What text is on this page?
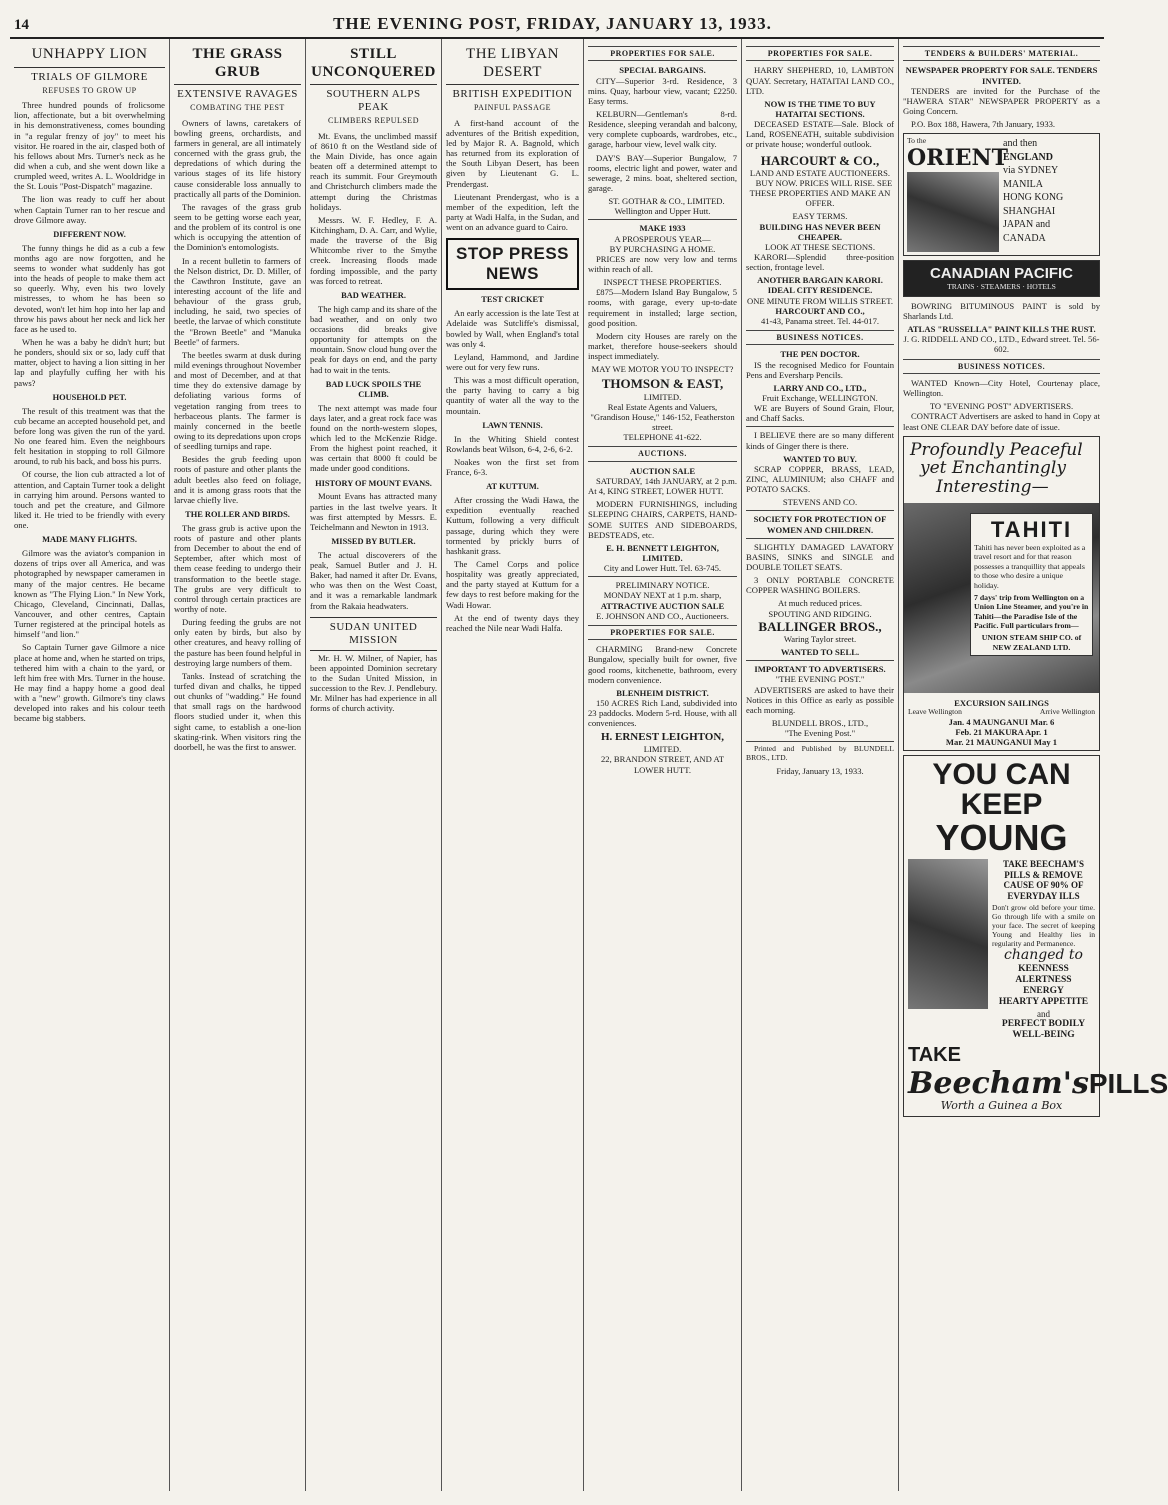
14	THE EVENING POST, FRIDAY, JANUARY 13, 1933.
UNHAPPY LION
TRIALS OF GILMORE
REFUSES TO GROW UP

Three hundred pounds of frolicsome lion, affectionate, but a bit overwhelming in his demonstrativeness, comes bounding in "a regular frenzy of joy" to meet his visitor. He roared in the air, clasped both of his fellows about Mrs. Turner's neck as he did when a cub, and she went down like a crumpled weed, writes A. L. Wooldridge in the St. Louis "Post-Dispatch" magazine.

The lion was ready to cuff her about when Captain Turner ran to her rescue and drove Gilmore away.

DIFFERENT NOW.

The funny things he did as a cub a few months ago are now forgotten, and he seems to wonder what suddenly has got into the heads of people to make them act so queerly. Why, even his two lovely mistresses, to whom he has been so devoted, won't let him hop into her lap and throw his paws about her neck and lick her face as he used to.

When he was a baby he didn't hurt; but he ponders, should six or so, lady cuff that matter, object to having a lion sitting in her lap and playfully cuffing her with his paws?

HOUSEHOLD PET.

The result of this treatment was that the cub became an accepted household pet, and before long was given the run of the yard. No one feared him. Even the neighbours felt hesitation in stopping to roll Gilmore around, to rub his back, and boss his purrs.

Of course, the lion cub attracted a lot of attention, and Captain Turner took a delight in carrying him around. Persons wanted to touch and pet the creature, and Gilmore liked it. He tried to be friendly with every one.

MADE MANY FLIGHTS.

Gilmore was the aviator's companion in dozens of trips over all America, and was photographed by newspaper cameramen in many of the major centres. He became known as "The Flying Lion." In New York, Chicago, Cleveland, Cincinnati, Dallas, Vancouver, and other centres, Captain Turner registered at the principal hotels as himself "and lion."

So Captain Turner gave Gilmore a nice place at home and, when he started on trips, tethered him with a chain to the yard, or left him free with Mrs. Turner in the house. He may find a happy home a good deal with a "new" growth. Gilmore's tiny claws developed into rakes and his colour teeth became big stabbers.

THE GRASS GRUB
EXTENSIVE RAVAGES
COMBATING THE PEST

Owners of lawns, caretakers of bowling greens, orchardists, and farmers in general, are all intimately concerned with the grass grub, the depredations of which during the various stages of its life history cause considerable loss annually to practically all parts of the Dominion.

The ravages of the grass grub seem to be getting worse each year, and the problem of its control is one which is occupying the attention of the Dominion's entomologists.

In a recent bulletin to farmers of the Nelson district, Dr. D. Miller, of the Cawthron Institute, gave an interesting account of the life and behaviour of the grass grub, including, he said, two species of beetle, the larvae of which constitute the "Brown Beetle" and "Manuka Beetle" of farmers.

The beetles swarm at dusk during mild evenings throughout November and most of December, and at that time they do extensive damage by defoliating various forms of vegetation ranging from trees to herbaceous plants. The farmer is mainly concerned in the beetle owing to its depredations upon crops of seedling turnips and rape.

Besides the grub feeding upon roots of pasture and other plants the adult beetles also feed on foliage, and it is among grass roots that the larvae chiefly live.

THE ROLLER AND BIRDS.

The grass grub is active upon the roots of pasture and other plants from December to about the end of September, after which most of them cease feeding to undergo their transformation to the beetle stage. The grubs are very difficult to control through certain practices are worthy of note.

During feeding the grubs are not only eaten by birds, but also by other creatures, and heavy rolling of the pasture has been found helpful in destroying large numbers of them.

Tanks. Instead of scratching the turfed divan and chalks, he tipped out chunks of "wadding." He found that small rags on the hardwood floors studied under it, when this sight came, to establish a one-lion skating-rink. When visitors ring the doorbell, he was the first to answer.

STILL UNCONQUERED
SOUTHERN ALPS PEAK
CLIMBERS REPULSED

Mt. Evans, the unclimbed massif of 8610 ft on the Westland side of the Main Divide, has once again beaten off a determined attempt to reach its summit. Four Greymouth and Christchurch climbers made the attempt during the Christmas holidays.

Messrs. W. F. Hedley, F. A. Kitchingham, D. A. Carr, and Wylie, made the traverse of the Big Whitcombe river to the Smythe creek. Increasing floods made fording impossible, and the party was forced to retreat.

BAD WEATHER.

The high camp and its share of the bad weather, and on only two occasions did breaks give opportunity for attempts on the mountain. Snow cloud hung over the peak for days on end, and the party had to wait in the tents.

BAD LUCK SPOILS THE CLIMB.

The next attempt was made four days later, and a great rock face was found on the north-western slopes, which led to the McKenzie Ridge. From the highest point reached, it was certain that 8000 ft could be made under good conditions.

HISTORY OF MOUNT EVANS.

Mount Evans has attracted many parties in the last twelve years. It was first attempted by Messrs. E. Teichelmann and Newton in 1913.

MISSED BY BUTLER.

The actual discoverers of the peak, Samuel Butler and J. H. Baker, had named it after Dr. Evans, who was then on the West Coast, and it was a remarkable landmark from the Rakaia headwaters.

SUDAN UNITED MISSION

Mr. H. W. Milner, of Napier, has been appointed Dominion secretary to the Sudan United Mission, in succession to the Rev. J. Pendlebury. Mr. Milner has had experience in all forms of church activity.

THE LIBYAN DESERT
BRITISH EXPEDITION
PAINFUL PASSAGE

A first-hand account of the adventures of the British expedition, led by Major R. A. Bagnold, which has returned from its exploration of the South Libyan Desert, has been given by Lieutenant G. L. Prendergast.

Lieutenant Prendergast, who is a member of the expedition, left the party at Wadi Halfa, in the Sudan, and went on an advance guard to Cairo.

STOP PRESS NEWS
TEST CRICKET

An early accession is the late Test at Adelaide was Sutcliffe's dismissal, bowled by Wall, when England's total was only 4.

Leyland, Hammond, and Jardine were out for very few runs.

This was a most difficult operation, the party having to carry a big quantity of water all the way to the mountain.

LAWN TENNIS.

In the Whiting Shield contest Rowlands beat Wilson, 6-4, 2-6, 6-2.

Noakes won the first set from France, 6-3.

AT KUTTUM.

After crossing the Wadi Hawa, the expedition eventually reached Kuttum, following a very difficult passage, during which they were tormented by prickly burrs of hashkanit grass.

The Camel Corps and police hospitality was greatly appreciated, and the party stayed at Kuttum for a few days to rest before making for the Wadi Howar.

At the end of twenty days they reached the Nile near Wadi Halfa.

PROPERTIES FOR SALE.
SPECIAL BARGAINS.

CITY—Superior 3-rd. Residence, 3 mins. Quay, harbour view, vacant; £2250. Easy terms.

KELBURN—Gentleman's 8-rd. Residence, sleeping verandah and balcony, very complete cupboards, wardrobes, etc., garage, harbour view, level walk city.

DAY'S BAY—Superior Bungalow, 7 rooms, electric light and power, water and sewerage, 2 mins. boat, sheltered section, garage.

ST. GOTHAR & CO., LIMITED. Wellington and Upper Hutt.

MAKE 1933
A PROSPEROUS YEAR—
BY PURCHASING A HOME.

PRICES are now very low and terms within reach of all.

INSPECT THESE PROPERTIES.

£875—Modern Island Bay Bungalow, 5 rooms, with garage, every up-to-date requirement in installed; large section, good position.

Modern city Houses are rarely on the market, therefore house-seekers should inspect immediately.

MAY WE MOTOR YOU TO INSPECT?
THOMSON & EAST,
LIMITED.
Real Estate Agents and Valuers, "Grandison House," 146-152, Featherston street.
TELEPHONE 41-622.
AUCTIONS.
AUCTION SALE

SATURDAY, 14th JANUARY, at 2 p.m. At 4, KING STREET, LOWER HUTT.

MODERN FURNISHINGS, including SLEEPING CHAIRS, CARPETS, HAND-SOME SUITES AND SIDEBOARDS, BEDSTEADS, etc.

E. H. BENNETT LEIGHTON, LIMITED.
City and Lower Hutt. Tel. 63-745.
PRELIMINARY NOTICE.
MONDAY NEXT at 1 p.m. sharp,
ATTRACTIVE AUCTION SALE
E. JOHNSON AND CO., Auctioneers.
PROPERTIES FOR SALE.

CHARMING Brand-new Concrete Bungalow, specially built for owner, five good rooms, kitchenette, bathroom, every modern convenience.

BLENHEIM DISTRICT.

150 ACRES Rich Land, subdivided into 23 paddocks. Modern 5-rd. House, with all conveniences.

H. ERNEST LEIGHTON,
LIMITED.
22, BRANDON STREET, AND AT LOWER HUTT.
PROPERTIES FOR SALE.

HARRY SHEPHERD, 10, LAMBTON QUAY. Secretary, HATAITAI LAND CO., LTD.

NOW IS THE TIME TO BUY HATAITAI SECTIONS.

DECEASED ESTATE—Sale. Block of Land, ROSENEATH, suitable subdivision or private house; wonderful outlook.

HARCOURT & CO.,
LAND AND ESTATE AUCTIONEERS.

BUY NOW. PRICES WILL RISE. SEE THESE PROPERTIES AND MAKE AN OFFER.

EASY TERMS.
BUILDING HAS NEVER BEEN CHEAPER.
LOOK AT THESE SECTIONS.

KARORI—Splendid three-position section, frontage level.

ANOTHER BARGAIN KARORI.
IDEAL CITY RESIDENCE.
ONE MINUTE FROM WILLIS STREET.
HARCOURT AND CO.,
41-43, Panama street. Tel. 44-017.
BUSINESS NOTICES.
THE PEN DOCTOR.

IS the recognised Medico for Fountain Pens and Eversharp Pencils.

LARRY AND CO., LTD.,
Fruit Exchange, WELLINGTON.

WE are Buyers of Sound Grain, Flour, and Chaff Sacks.

I BELIEVE there are so many different kinds of Ginger there is there.

WANTED TO BUY.

SCRAP COPPER, BRASS, LEAD, ZINC, ALUMINIUM; also CHAFF and POTATO SACKS.

STEVENS AND CO.
SOCIETY FOR PROTECTION OF WOMEN AND CHILDREN.

SLIGHTLY DAMAGED LAVATORY BASINS, SINKS and SINGLE and DOUBLE TOILET SEATS.

3 ONLY PORTABLE CONCRETE COPPER WASHING BOILERS.

At much reduced prices.
SPOUTING AND RIDGING.
BALLINGER BROS.,
Waring Taylor street.
WANTED TO SELL.
IMPORTANT TO ADVERTISERS.
"THE EVENING POST."

ADVERTISERS are asked to have their Notices in this Office as early as possible each morning.

BLUNDELL BROS., LTD.,
"The Evening Post."

Printed and Published by BLUNDELL BROS., LTD.

Friday, January 13, 1933.
TENDERS & BUILDERS' MATERIAL.
NEWSPAPER PROPERTY FOR SALE. TENDERS INVITED.

TENDERS are invited for the Purchase of the "HAWERA STAR" NEWSPAPER PROPERTY as a Going Concern.

P.O. Box 188, Hawera, 7th January, 1933.

To the
ORIENT
and then
ENGLAND
via SYDNEY
MANILA
HONG KONG
SHANGHAI
JAPAN and
CANADA
CANADIAN PACIFIC
TRAINS · STEAMERS · HOTELS

BOWRING BITUMINOUS PAINT is sold by Sharlands Ltd.

ATLAS "RUSSELLA" PAINT KILLS THE RUST.
J. G. RIDDELL AND CO., LTD., Edward street. Tel. 56-602.
BUSINESS NOTICES.

WANTED Known—City Hotel, Courtenay place, Wellington.

TO "EVENING POST" ADVERTISERS.

CONTRACT Advertisers are asked to hand in Copy at least ONE CLEAR DAY before date of issue.

Profoundly Peaceful
yet Enchantingly
Interesting—
TAHITI
Tahiti has never been exploited as a travel resort and for that reason possesses a tranquillity that appeals to those who desire a unique holiday.
7 days' trip from Wellington on a Union Line Steamer, and you're in Tahiti—the Paradise Isle of the Pacific. Full particulars from—
UNION STEAM SHIP CO. of NEW ZEALAND LTD.
EXCURSION SAILINGS
Leave Wellington	Arrive Wellington
Jan. 4 MAUNGANUI Mar. 6
Feb. 21 MAKURA Apr. 1
Mar. 21 MAUNGANUI May 1
YOU CAN KEEP
YOUNG
TAKE BEECHAM'S PILLS & REMOVE CAUSE OF 90% OF EVERYDAY ILLS
Don't grow old before your time. Go through life with a smile on your face. The secret of keeping Young and Healthy lies in regularity and Permanence.
changed to
KEENNESS
ALERTNESS
ENERGY
HEARTY APPETITE
and
PERFECT BODILY
WELL-BEING
TAKE
Beecham's PILLS
Worth a Guinea a Box
